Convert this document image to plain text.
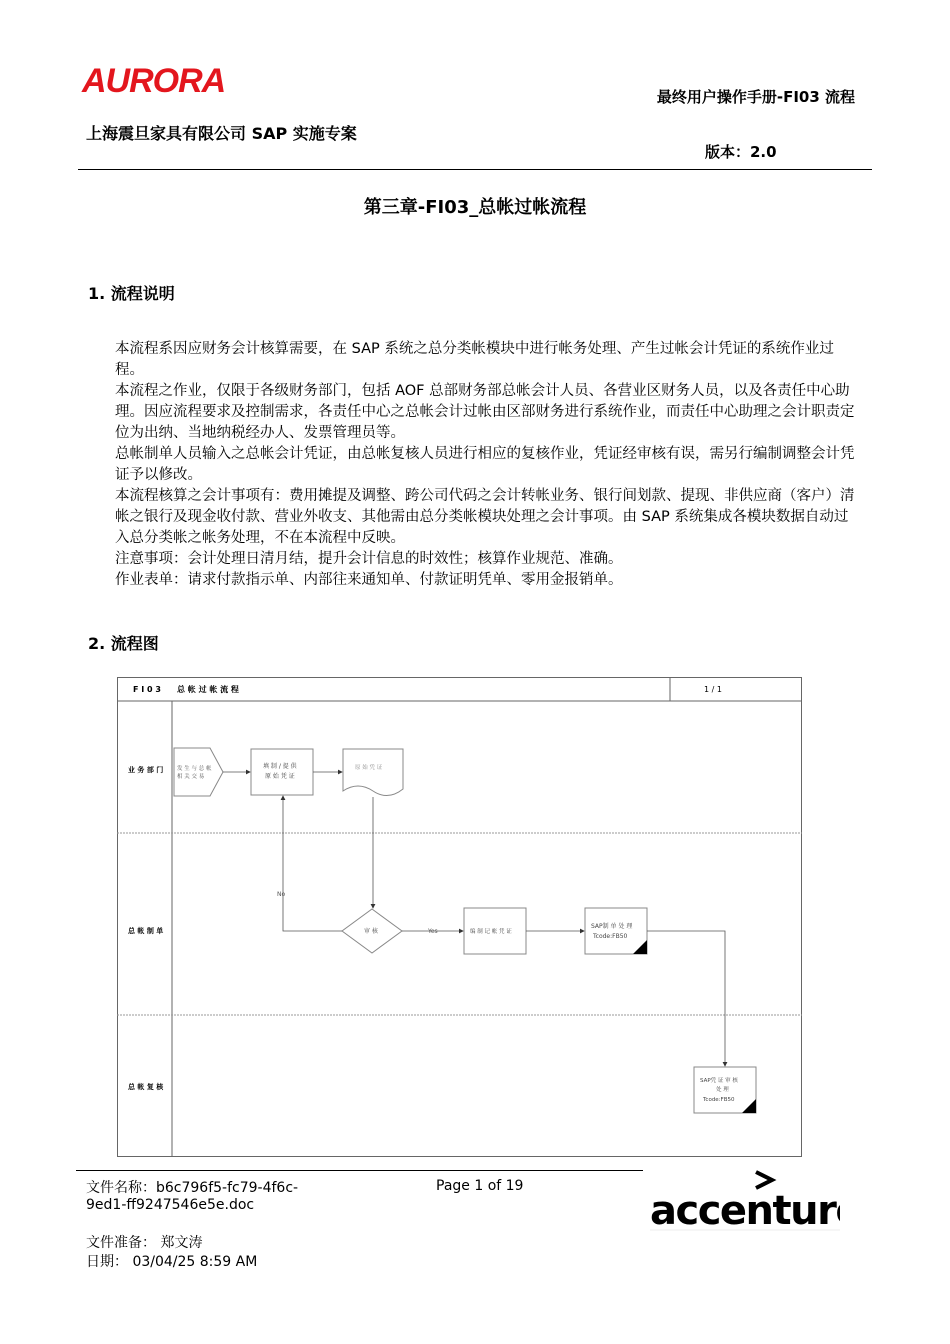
AURORA	最终用户操作手册-FI03 流程
上海震旦家具有限公司 SAP 实施专案
版本：2.0
第三章-FI03_总帐过帐流程
1. 流程说明

本流程系因应财务会计核算需要，在 SAP 系统之总分类帐模块中进行帐务处理、产生过帐会计凭证的系统作业过程。

本流程之作业，仅限于各级财务部门，包括 AOF 总部财务部总帐会计人员、各营业区财务人员，以及各责任中心助理。因应流程要求及控制需求，各责任中心之总帐会计过帐由区部财务进行系统作业，而责任中心助理之会计职责定位为出纳、当地纳税经办人、发票管理员等。

总帐制单人员输入之总帐会计凭证，由总帐复核人员进行相应的复核作业，凭证经审核有误，需另行编制调整会计凭证予以修改。

本流程核算之会计事项有：费用摊提及调整、跨公司代码之会计转帐业务、银行间划款、提现、非供应商（客户）清帐之银行及现金收付款、营业外收支、其他需由总分类帐模块处理之会计事项。由 SAP 系统集成各模块数据自动过入总分类帐之帐务处理，不在本流程中反映。

注意事项：会计处理日清月结，提升会计信息的时效性；核算作业规范、准确。

作业表单：请求付款指示单、内部往来通知单、付款证明凭单、零用金报销单。

2. 流程图
F I 0 3 总 帐 过 帐 流 程	1 / 1
业 务 部 门
总 帐 制 单
总 帐 复 核
发 生 与 总 帐
相 关 交 易
填 制 / 提 供
原 始 凭 证
原 始 凭 证
审 核	编 制 记 帐 凭 证
SAP制 单 处 理
Tcode:FB50
SAP凭 证 审 核
处 理
Tcode:FB50
No
Yes
文件名称：b6c796f5-fc79-4f6c-
9ed1-ff9247546e5e.doc
Page 1 of 19
文件准备： 郑文涛
日期： 03/04/25 8:59 AM
accenture
